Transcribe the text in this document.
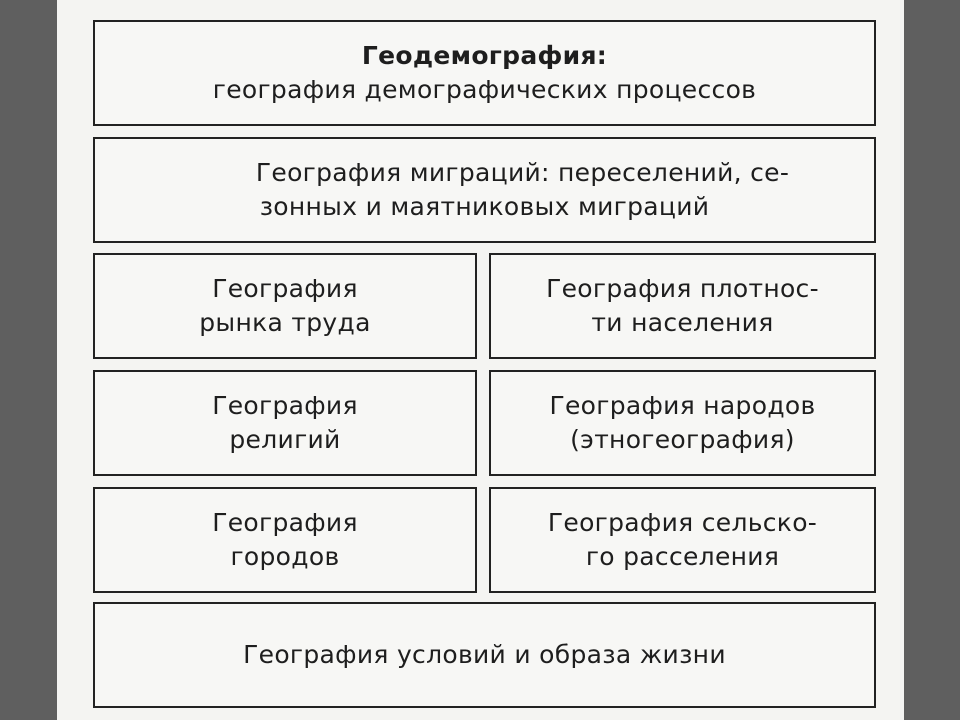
Геодемография:
география демографических процессов
География миграций: переселений, се-
зонных и маятниковых миграций
География
рынка труда
География плотнос-
ти населения
География
религий
География народов
(этногеография)
География
городов
География сельско-
го расселения
География условий и образа жизни
